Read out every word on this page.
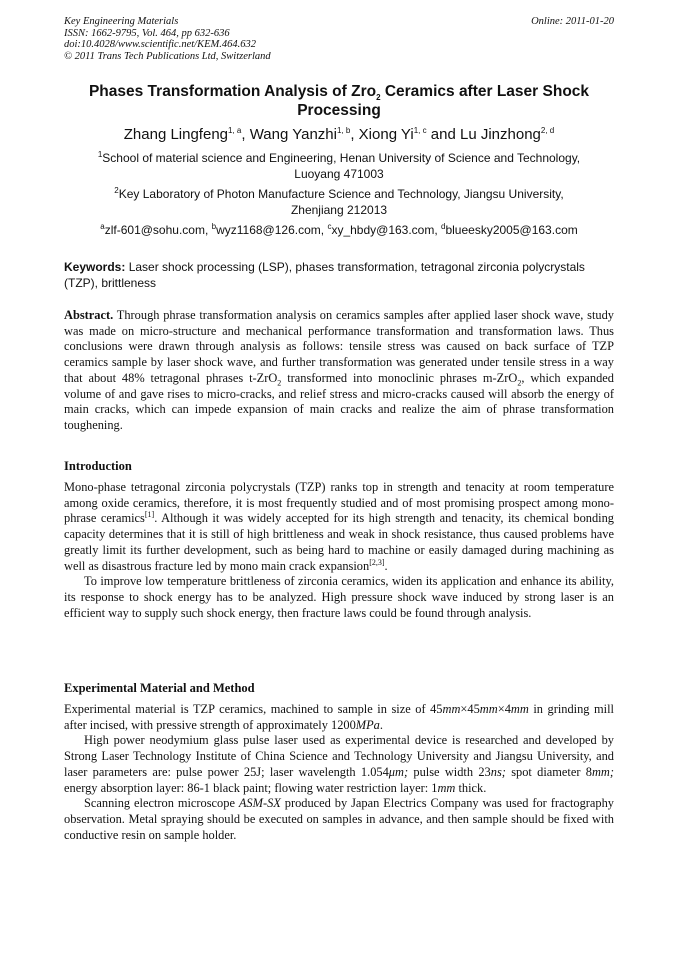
Key Engineering Materials
ISSN: 1662-9795, Vol. 464, pp 632-636
doi:10.4028/www.scientific.net/KEM.464.632
© 2011 Trans Tech Publications Ltd, Switzerland
Online: 2011-01-20
Phases Transformation Analysis of Zro$_2$ Ceramics after Laser Shock
Processing
Zhang Lingfeng$^{1, a}$, Wang Yanzhi$^{1, b}$, Xiong Yi$^{1, c}$ and Lu Jinzhong$^{2, d}$
$^1$School of material science and Engineering, Henan University of Science and Technology,
Luoyang 471003
$^2$Key Laboratory of Photon Manufacture Science and Technology, Jiangsu University,
Zhenjiang 212013
$^a$zlf-601@sohu.com, $^b$wyz1168@126.com, $^c$xy_hbdy@163.com, $^d$blueesky2005@163.com
Keywords: Laser shock processing (LSP), phases transformation, tetragonal zirconia polycrystals (TZP), brittleness

Abstract. Through phrase transformation analysis on ceramics samples after applied laser shock wave, study was made on micro-structure and mechanical performance transformation and transformation laws. Thus conclusions were drawn through analysis as follows: tensile stress was caused on back surface of TZP ceramics sample by laser shock wave, and further transformation was generated under tensile stress in a way that about 48% tetragonal phrases t-ZrO$_2$ transformed into monoclinic phrases m-ZrO$_2$, which expanded volume of and gave rises to micro-cracks, and relief stress and micro-cracks caused will absorb the energy of main cracks, which can impede expansion of main cracks and realize the aim of phrase transformation toughening.

Introduction

Mono-phase tetragonal zirconia polycrystals (TZP) ranks top in strength and tenacity at room temperature among oxide ceramics, therefore, it is most frequently studied and of most promising prospect among mono-phrase ceramics[1]. Although it was widely accepted for its high strength and tenacity, its chemical bonding capacity determines that it is still of high brittleness and weak in shock resistance, thus caused problems have greatly limit its further development, such as being hard to machine or easily damaged during machining as well as disastrous fracture led by mono main crack expansion[2,3].

To improve low temperature brittleness of zirconia ceramics, widen its application and enhance its ability, its response to shock energy has to be analyzed. High pressure shock wave induced by strong laser is an efficient way to supply such shock energy, then fracture laws could be found through analysis.

Experimental Material and Method

Experimental material is TZP ceramics, machined to sample in size of 45mm×45mm×4mm in grinding mill after incised, with pressive strength of approximately 1200MPa.

High power neodymium glass pulse laser used as experimental device is researched and developed by Strong Laser Technology Institute of China Science and Technology University and Jiangsu University, and laser parameters are: pulse power 25J; laser wavelength 1.054μm; pulse width 23ns; spot diameter 8mm; energy absorption layer: 86-1 black paint; flowing water restriction layer: 1mm thick.

Scanning electron microscope ASM-SX produced by Japan Electrics Company was used for fractography observation. Metal spraying should be executed on samples in advance, and then sample should be fixed with conductive resin on sample holder.
